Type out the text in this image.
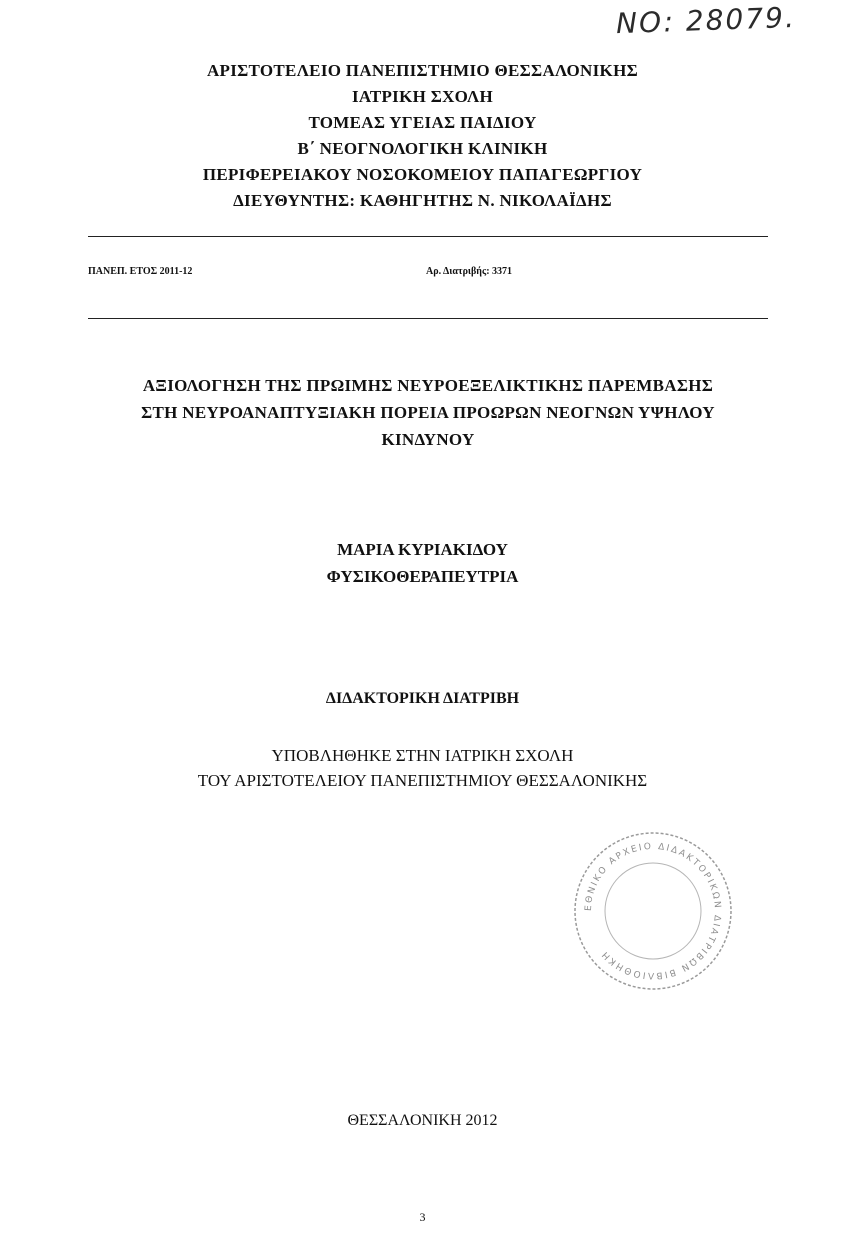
NO: 28079.
ΑΡΙΣΤΟΤΕΛΕΙΟ ΠΑΝΕΠΙΣΤΗΜΙΟ ΘΕΣΣΑΛΟΝΙΚΗΣ
ΙΑΤΡΙΚΗ ΣΧΟΛΗ
ΤΟΜΕΑΣ ΥΓΕΙΑΣ ΠΑΙΔΙΟΥ
Β΄ ΝΕΟΓΝΟΛΟΓΙΚΗ ΚΛΙΝΙΚΗ
ΠΕΡΙΦΕΡΕΙΑΚΟΥ ΝΟΣΟΚΟΜΕΙΟΥ ΠΑΠΑΓΕΩΡΓΙΟΥ
ΔΙΕΥΘΥΝΤΗΣ: ΚΑΘΗΓΗΤΗΣ Ν. ΝΙΚΟΛΑΪΔΗΣ
ΠΑΝΕΠ. ΕΤΟΣ 2011-12	Αρ. Διατριβής: 3371
ΑΞΙΟΛΟΓΗΣΗ ΤΗΣ ΠΡΩΙΜΗΣ ΝΕΥΡΟΕΞΕΛΙΚΤΙΚΗΣ ΠΑΡΕΜΒΑΣΗΣ
ΣΤΗ ΝΕΥΡΟΑΝΑΠΤΥΞΙΑΚΗ ΠΟΡΕΙΑ ΠΡΟΩΡΩΝ ΝΕΟΓΝΩΝ ΥΨΗΛΟΥ
ΚΙΝΔΥΝΟΥ
ΜΑΡΙΑ ΚΥΡΙΑΚΙΔΟΥ
ΦΥΣΙΚΟΘΕΡΑΠΕΥΤΡΙΑ
ΔΙΔΑΚΤΟΡΙΚΗ ΔΙΑΤΡΙΒΗ
ΥΠΟΒΛΗΘΗΚΕ ΣΤΗΝ ΙΑΤΡΙΚΗ ΣΧΟΛΗ
ΤΟΥ ΑΡΙΣΤΟΤΕΛΕΙΟΥ ΠΑΝΕΠΙΣΤΗΜΙΟΥ ΘΕΣΣΑΛΟΝΙΚΗΣ
ΕΘΝΙΚΟ ΑΡΧΕΙΟ ΔΙΔΑΚΤΟΡΙΚΩΝ ΔΙΑΤΡΙΒΩΝ ΒΙΒΛΙΟΘΗΚΗ
ΘΕΣΣΑΛΟΝΙΚΗ 2012
3
